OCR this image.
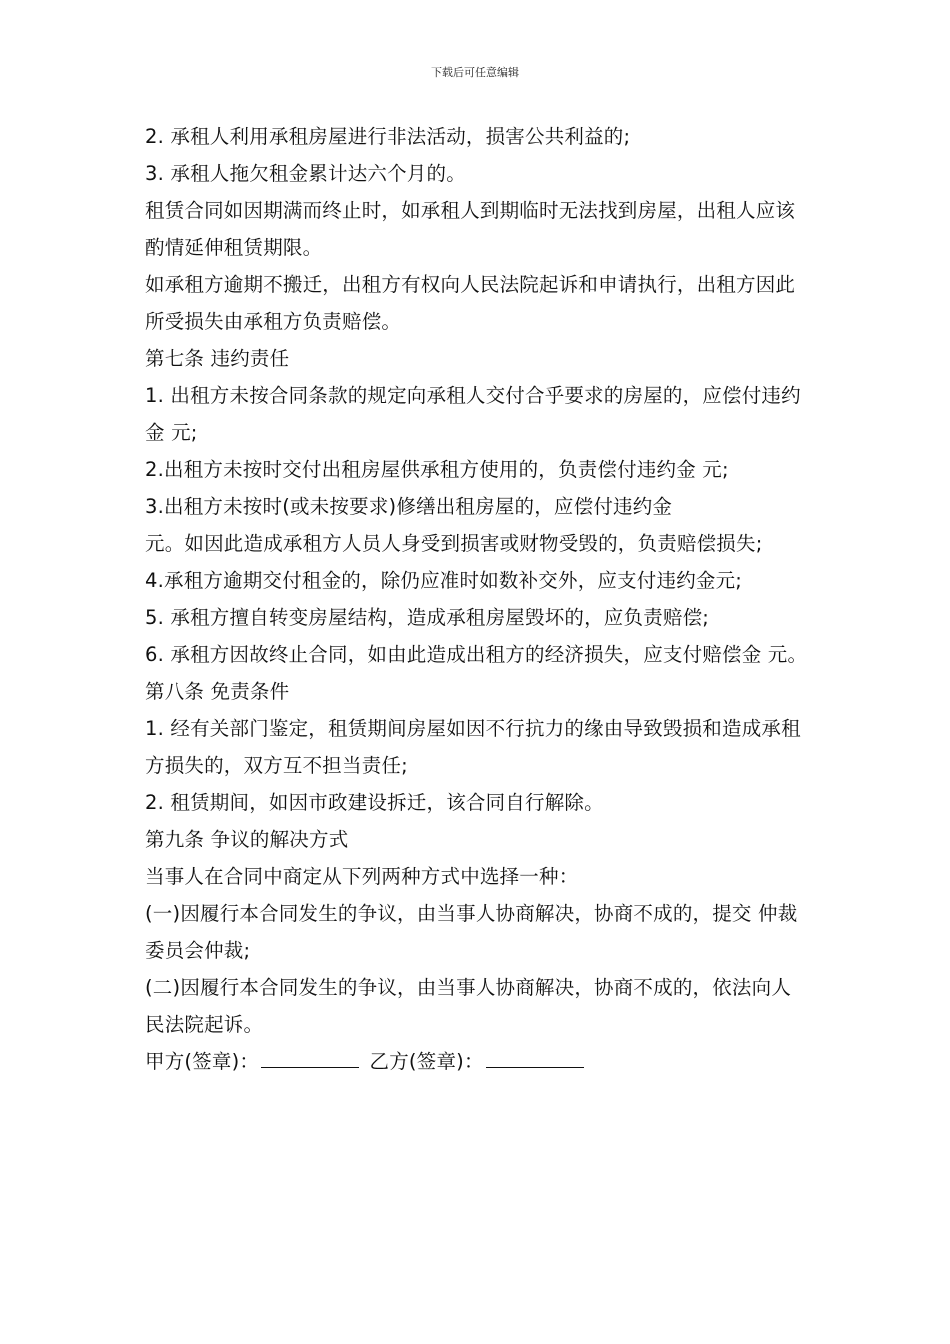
下载后可任意编辑

2. 承租人利用承租房屋进行非法活动，损害公共利益的;

3. 承租人拖欠租金累计达六个月的。

租赁合同如因期满而终止时，如承租人到期临时无法找到房屋，出租人应该酌情延伸租赁期限。

如承租方逾期不搬迁，出租方有权向人民法院起诉和申请执行，出租方因此所受损失由承租方负责赔偿。

第七条 违约责任

1. 出租方未按合同条款的规定向承租人交付合乎要求的房屋的，应偿付违约金 元;

2.出租方未按时交付出租房屋供承租方使用的，负责偿付违约金 元;

3.出租方未按时(或未按要求)修缮出租房屋的，应偿付违约金

元。如因此造成承租方人员人身受到损害或财物受毁的，负责赔偿损失;

4.承租方逾期交付租金的，除仍应准时如数补交外，应支付违约金元;

5. 承租方擅自转变房屋结构，造成承租房屋毁坏的，应负责赔偿;

6. 承租方因故终止合同，如由此造成出租方的经济损失，应支付赔偿金 元。

第八条 免责条件

1. 经有关部门鉴定，租赁期间房屋如因不行抗力的缘由导致毁损和造成承租方损失的，双方互不担当责任;

2. 租赁期间，如因市政建设拆迁，该合同自行解除。

第九条 争议的解决方式

当事人在合同中商定从下列两种方式中选择一种：

(一)因履行本合同发生的争议，由当事人协商解决，协商不成的，提交 仲裁委员会仲裁;

(二)因履行本合同发生的争议，由当事人协商解决，协商不成的，依法向人民法院起诉。

甲方(签章)：	乙方(签章)：
